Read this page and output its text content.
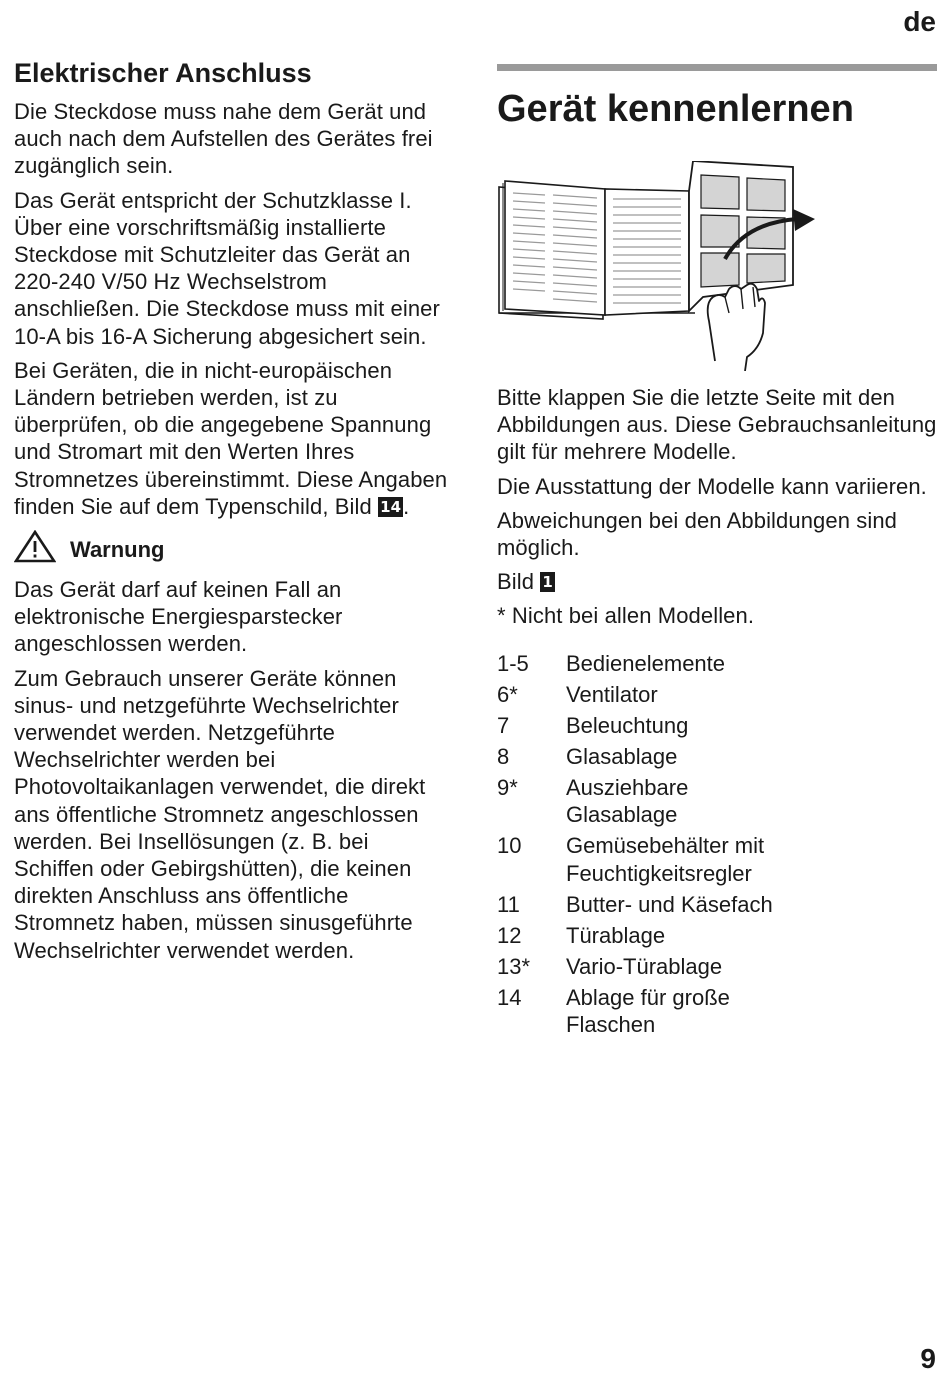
de
Elektrischer Anschluss

Die Steckdose muss nahe dem Gerät und auch nach dem Aufstellen des Gerätes frei zugänglich sein.

Das Gerät entspricht der Schutzklasse I. Über eine vorschriftsmäßig installierte Steckdose mit Schutzleiter das Gerät an 220-240 V/50 Hz Wechselstrom anschließen. Die Steckdose muss mit einer 10-A bis 16-A Sicherung abgesichert sein.

Bei Geräten, die in nicht-europäischen Ländern betrieben werden, ist zu überprüfen, ob die angegebene Spannung und Stromart mit den Werten Ihres Stromnetzes übereinstimmt. Diese Angaben finden Sie auf dem Typenschild, Bild 14.

Warnung

Das Gerät darf auf keinen Fall an elektronische Energiesparstecker angeschlossen werden.

Zum Gebrauch unserer Geräte können sinus- und netzgeführte Wechselrichter verwendet werden. Netzgeführte Wechselrichter werden bei Photovoltaikanlagen verwendet, die direkt ans öffentliche Stromnetz angeschlossen werden. Bei Insellösungen (z. B. bei Schiffen oder Gebirgshütten), die keinen direkten Anschluss ans öffentliche Stromnetz haben, müssen sinusgeführte Wechselrichter verwendet werden.

Gerät kennenlernen

Bitte klappen Sie die letzte Seite mit den Abbildungen aus. Diese Gebrauchsanleitung gilt für mehrere Modelle.

Die Ausstattung der Modelle kann variieren.

Abweichungen bei den Abbildungen sind möglich.

Bild 1

* Nicht bei allen Modellen.

1-5	Bedienelemente
6*	Ventilator
7	Beleuchtung
8	Glasablage
9*	Ausziehbare Glasablage
10	Gemüsebehälter mit Feuchtigkeitsregler
11	Butter- und Käsefach
12	Türablage
13*	Vario-Türablage
14	Ablage für große Flaschen
9
